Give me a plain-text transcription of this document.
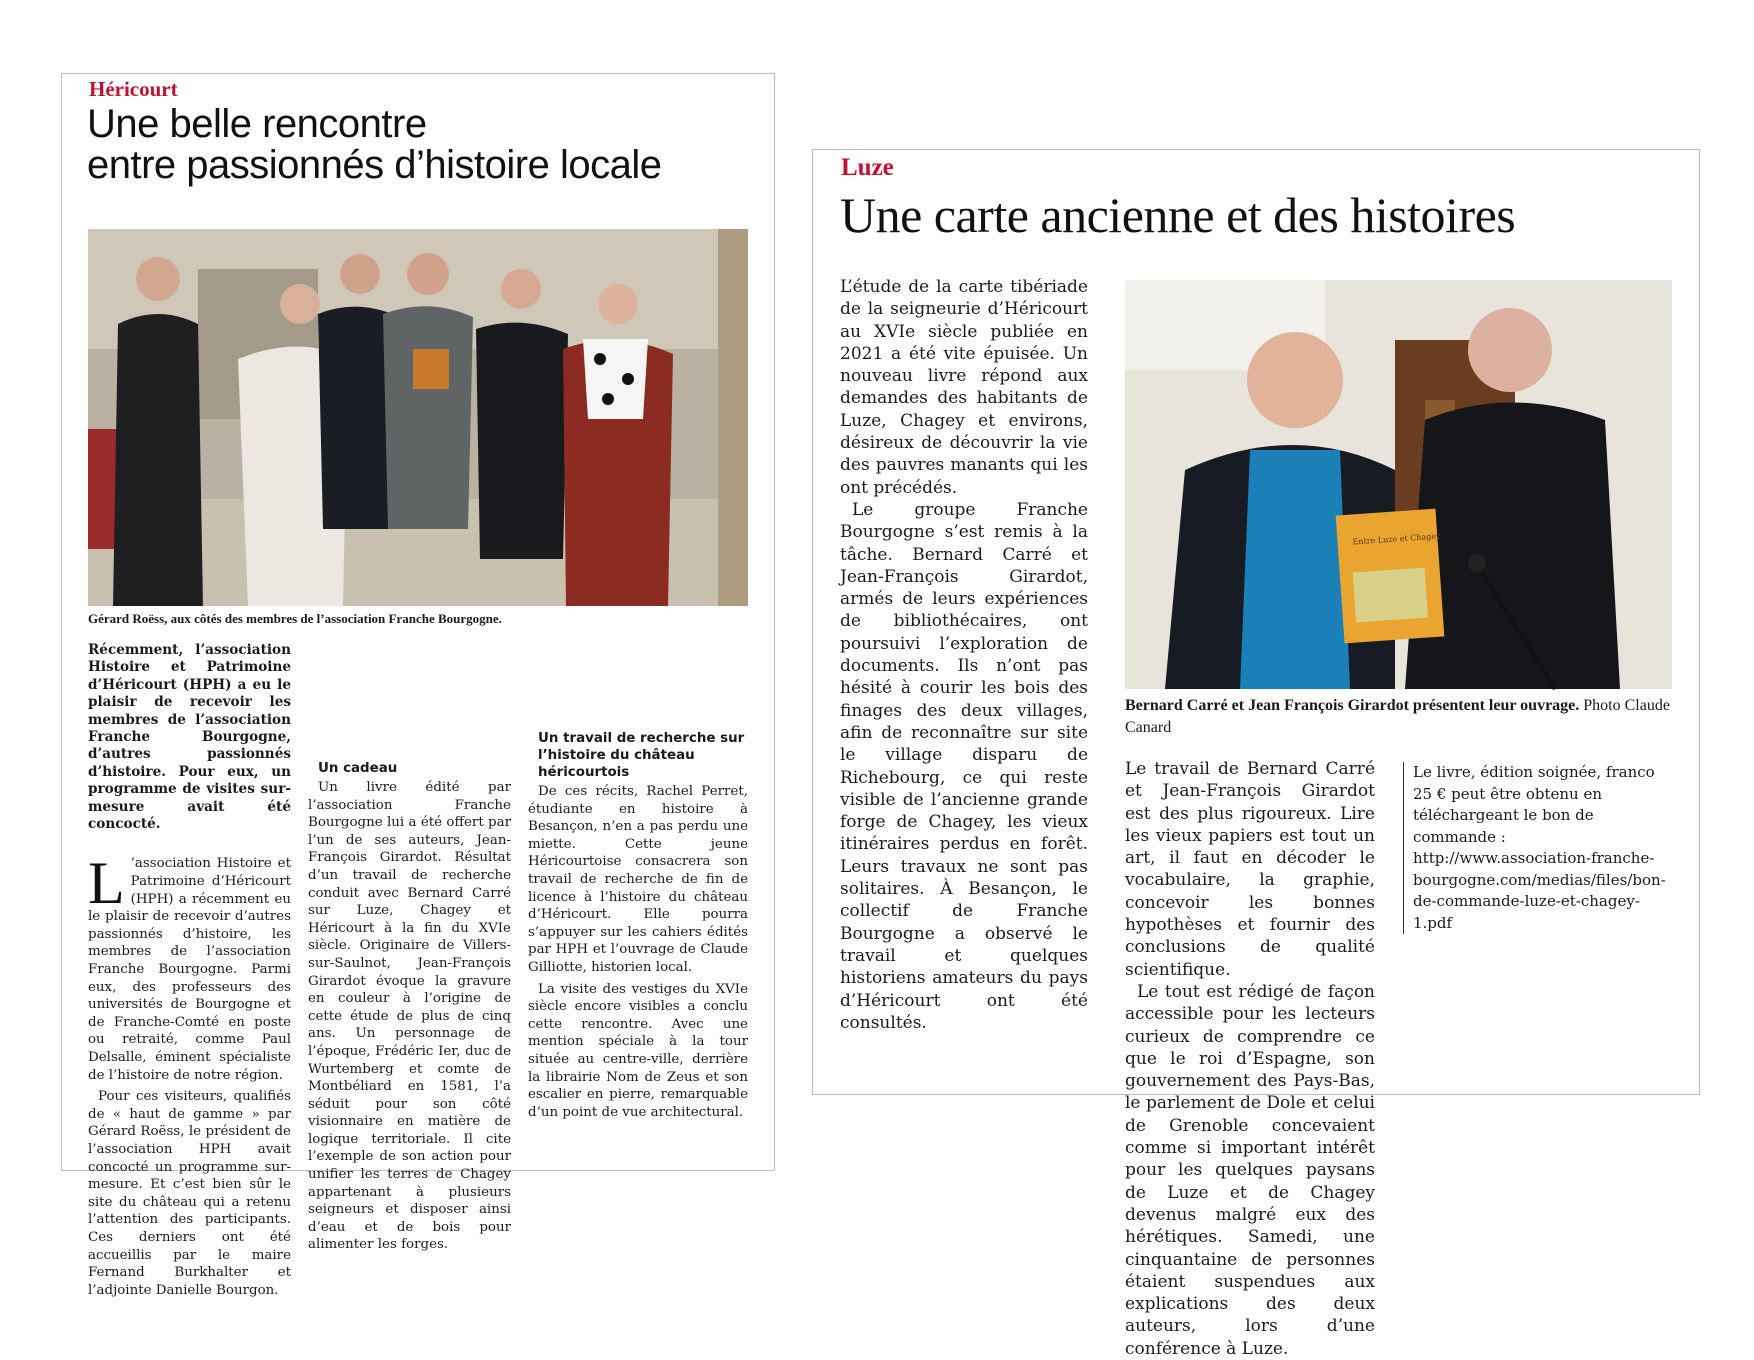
Héricourt
Une belle rencontre
entre passionnés d’histoire locale
Gérard Roëss, aux côtés des membres de l’association Franche Bourgogne.

Récemment, l’association Histoire et Patrimoine d’Héricourt (HPH) a eu le plaisir de recevoir les membres de l’association Franche Bourgogne, d’autres passionnés d’histoire. Pour eux, un programme de visites sur-mesure avait été concocté.

L ’association Histoire et Patrimoine d’Héricourt (HPH) a récemment eu le plaisir de recevoir d’autres passionnés d’histoire, les membres de l’association Franche Bourgogne. Parmi eux, des professeurs des universités de Bourgogne et de Franche-Comté en poste ou retraité, comme Paul Delsalle, éminent spécialiste de l’histoire de notre région.

Pour ces visiteurs, qualifiés de « haut de gamme » par Gérard Roëss, le président de l’association HPH avait concocté un programme sur-mesure. Et c’est bien sûr le site du château qui a retenu l’attention des participants. Ces derniers ont été accueillis par le maire Fernand Burkhalter et l’adjointe Danielle Bourgon.

Un cadeau

Un livre édité par l’association Franche Bourgogne lui a été offert par l’un de ses auteurs, Jean-François Girardot. Résultat d’un travail de recherche conduit avec Bernard Carré sur Luze, Chagey et Héricourt à la fin du XVIe siècle. Originaire de Villers-sur-Saulnot, Jean-François Girardot évoque la gravure en couleur à l’origine de cette étude de plus de cinq ans. Un personnage de l’époque, Frédéric Ier, duc de Wurtemberg et comte de Montbéliard en 1581, l’a séduit pour son côté visionnaire en matière de logique territoriale. Il cite l’exemple de son action pour unifier les terres de Chagey appartenant à plusieurs seigneurs et disposer ainsi d’eau et de bois pour alimenter les forges.

Un travail de recherche sur l’histoire du château héricourtois

De ces récits, Rachel Perret, étudiante en histoire à Besançon, n’en a pas perdu une miette. Cette jeune Héricourtoise consacrera son travail de recherche de fin de licence à l’histoire du château d’Héricourt. Elle pourra s’appuyer sur les cahiers édités par HPH et l’ouvrage de Claude Gilliotte, historien local.

La visite des vestiges du XVIe siècle encore visibles a conclu cette rencontre. Avec une mention spéciale à la tour située au centre-ville, derrière la librairie Nom de Zeus et son escalier en pierre, remarquable d’un point de vue architectural.

Luze
Une carte ancienne et des histoires

L’étude de la carte tibériade de la seigneurie d’Héricourt au XVIe siècle publiée en 2021 a été vite épuisée. Un nouveau livre répond aux demandes des habitants de Luze, Chagey et environs, désireux de découvrir la vie des pauvres manants qui les ont précédés.

Le groupe Franche Bourgogne s’est remis à la tâche. Bernard Carré et Jean-François Girardot, armés de leurs expériences de bibliothécaires, ont poursuivi l’exploration de documents. Ils n’ont pas hésité à courir les bois des finages des deux villages, afin de reconnaître sur site le village disparu de Richebourg, ce qui reste visible de l’ancienne grande forge de Chagey, les vieux itinéraires perdus en forêt. Leurs travaux ne sont pas solitaires. À Besançon, le collectif de Franche Bourgogne a observé le travail et quelques historiens amateurs du pays d’Héricourt ont été consultés.

Entre Luze et Chagey
Bernard Carré et Jean François Girardot présentent leur ouvrage. Photo Claude Canard

Le travail de Bernard Carré et Jean-François Girardot est des plus rigoureux. Lire les vieux papiers est tout un art, il faut en décoder le vocabulaire, la graphie, concevoir les bonnes hypothèses et fournir des conclusions de qualité scientifique.

Le tout est rédigé de façon accessible pour les lecteurs curieux de comprendre ce que le roi d’Espagne, son gouvernement des Pays-Bas, le parlement de Dole et celui de Grenoble concevaient comme si important intérêt pour les quelques paysans de Luze et de Chagey devenus malgré eux des hérétiques. Samedi, une cinquantaine de personnes étaient suspendues aux explications des deux auteurs, lors d’une conférence à Luze.

Le livre, édition soignée, franco 25 € peut être obtenu en téléchargeant le bon de commande : http://www.association-franche-bourgogne.com/medias/files/bon-de-commande-luze-et-chagey-1.pdf
